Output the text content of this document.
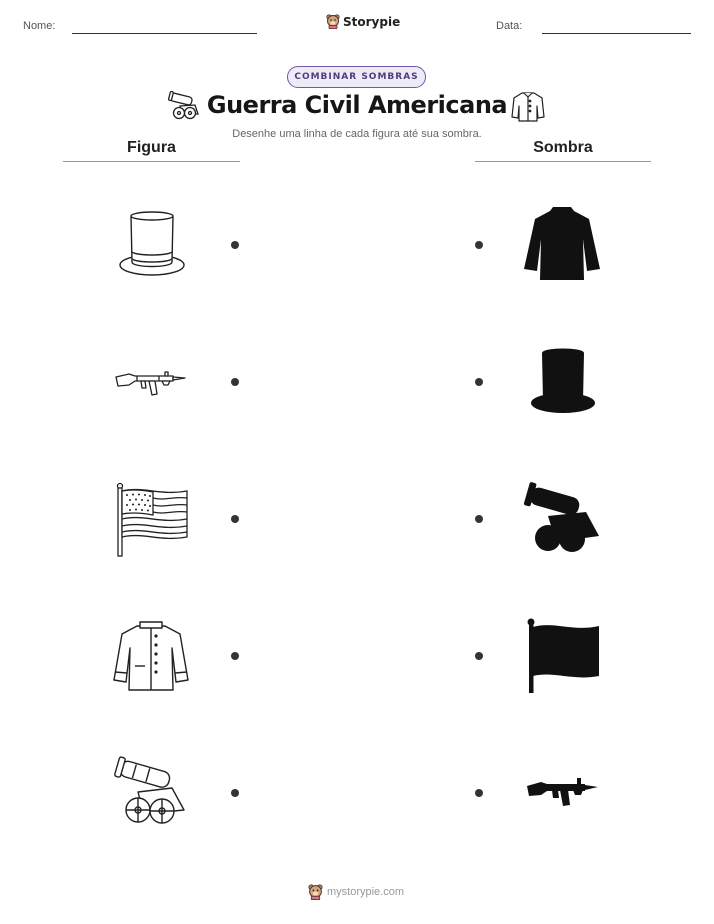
Nome:	Storypie	Data:
COMBINAR SOMBRAS
Guerra Civil Americana
Desenhe uma linha de cada figura até sua sombra.
Figura	Sombra
mystorypie.com
